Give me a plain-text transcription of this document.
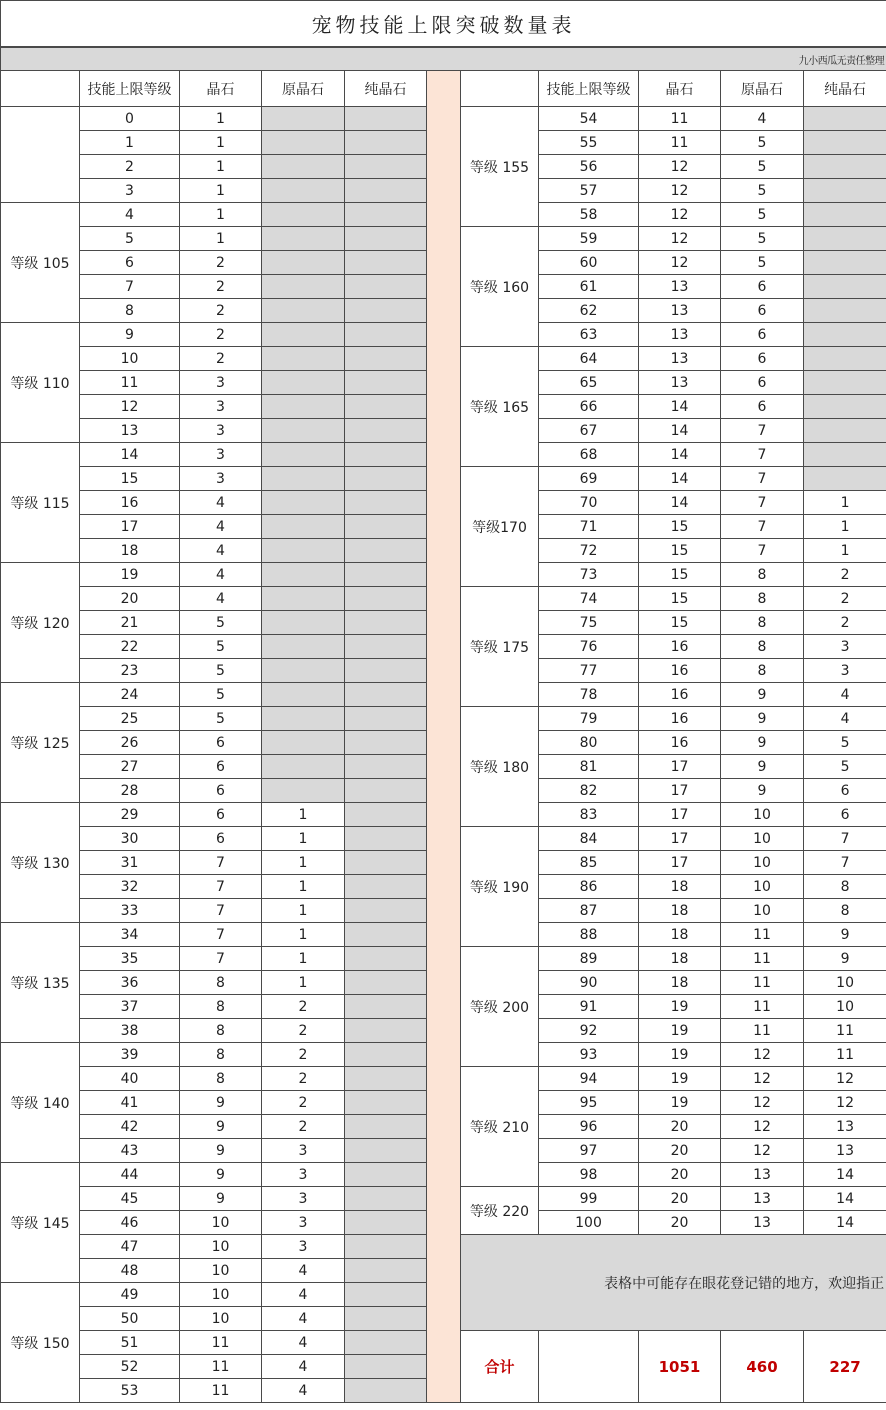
宠物技能上限突破数量表										
九小西瓜无责任整理										
	技能上限等级	晶石	原晶石	纯晶石			技能上限等级	晶石	原晶石	纯晶石
	0	1				等级 155	54	11	4	
	1	1					55	11	5	
	2	1					56	12	5	
	3	1					57	12	5	
等级 105	4	1					58	12	5	
	5	1				等级 160	59	12	5	
	6	2					60	12	5	
	7	2					61	13	6	
	8	2					62	13	6	
等级 110	9	2					63	13	6	
	10	2				等级 165	64	13	6	
	11	3					65	13	6	
	12	3					66	14	6	
	13	3					67	14	7	
等级 115	14	3					68	14	7	
	15	3				等级170	69	14	7	
	16	4					70	14	7	1
	17	4					71	15	7	1
	18	4					72	15	7	1
等级 120	19	4					73	15	8	2
	20	4				等级 175	74	15	8	2
	21	5					75	15	8	2
	22	5					76	16	8	3
	23	5					77	16	8	3
等级 125	24	5					78	16	9	4
	25	5				等级 180	79	16	9	4
	26	6					80	16	9	5
	27	6					81	17	9	5
	28	6					82	17	9	6
等级 130	29	6	1				83	17	10	6
	30	6	1			等级 190	84	17	10	7
	31	7	1				85	17	10	7
	32	7	1				86	18	10	8
	33	7	1				87	18	10	8
等级 135	34	7	1				88	18	11	9
	35	7	1			等级 200	89	18	11	9
	36	8	1				90	18	11	10
	37	8	2				91	19	11	10
	38	8	2				92	19	11	11
等级 140	39	8	2				93	19	12	11
	40	8	2			等级 210	94	19	12	12
	41	9	2				95	19	12	12
	42	9	2				96	20	12	13
	43	9	3				97	20	12	13
等级 145	44	9	3				98	20	13	14
	45	9	3			等级 220	99	20	13	14
	46	10	3				100	20	13	14
	47	10	3			表格中可能存在眼花登记错的地方，欢迎指正				
	48	10	4							
等级 150	49	10	4							
	50	10	4							
	51	11	4			合计		1051	460	227
	52	11	4							
	53	11	4							
